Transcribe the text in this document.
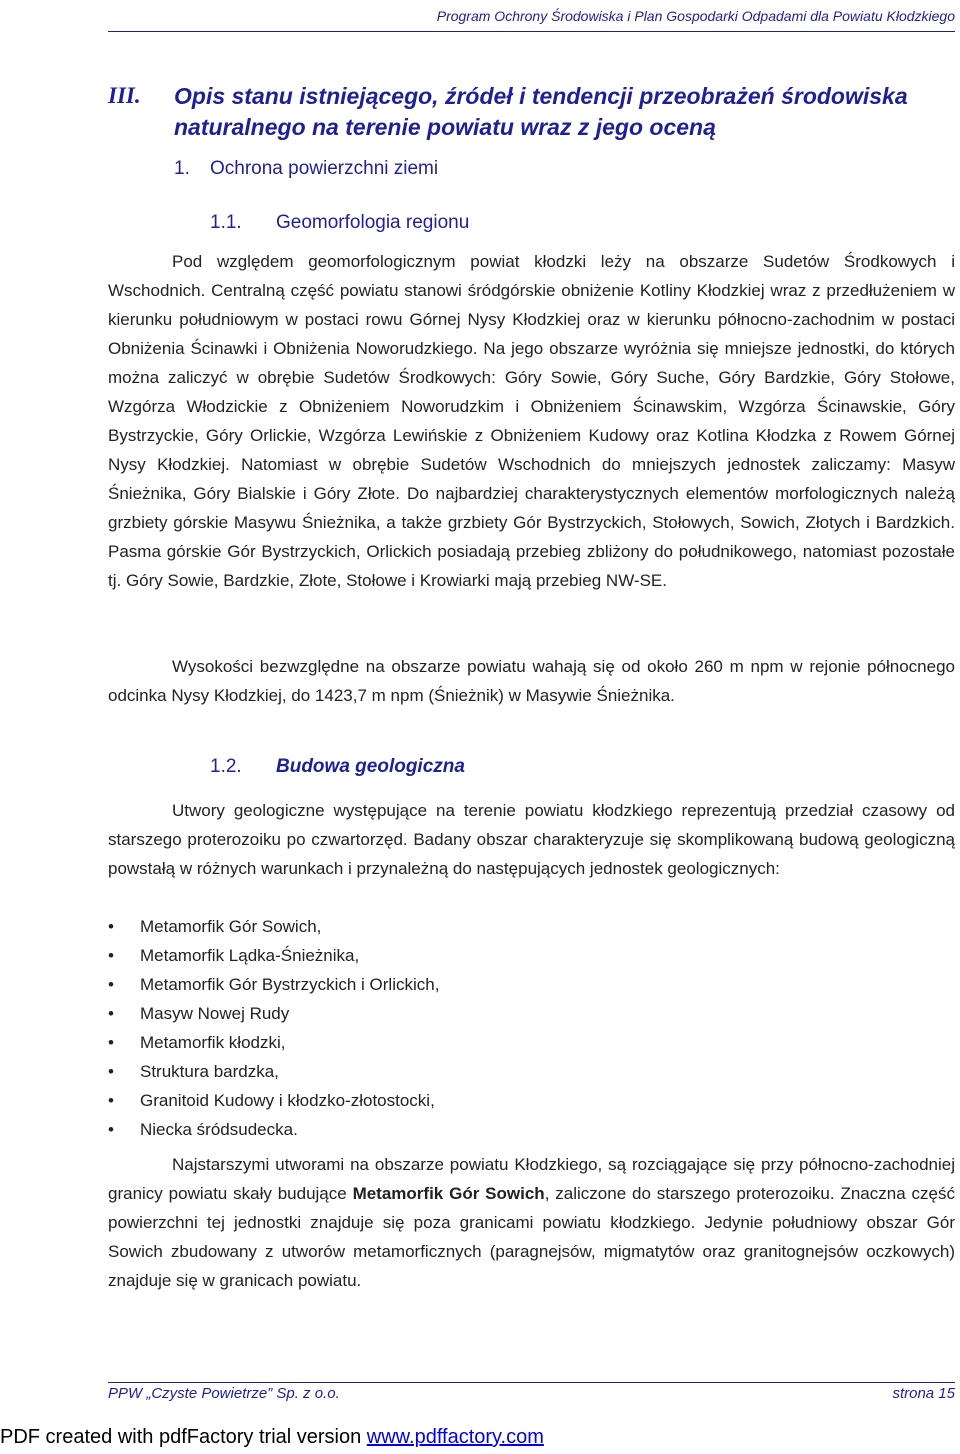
Program Ochrony Środowiska i Plan Gospodarki Odpadami dla Powiatu Kłodzkiego
III. Opis stanu istniejącego, źródeł i tendencji przeobrażeń środowiska naturalnego na terenie powiatu wraz z jego oceną
1. Ochrona powierzchni ziemi
1.1. Geomorfologia regionu
Pod względem geomorfologicznym powiat kłodzki leży na obszarze Sudetów Środkowych i Wschodnich. Centralną część powiatu stanowi śródgórskie obniżenie Kotliny Kłodzkiej wraz z przedłużeniem w kierunku południowym w postaci rowu Górnej Nysy Kłodzkiej oraz w kierunku północno-zachodnim w postaci Obniżenia Ścinawki i Obniżenia Noworudzkiego. Na jego obszarze wyróżnia się mniejsze jednostki, do których można zaliczyć w obrębie Sudetów Środkowych: Góry Sowie, Góry Suche, Góry Bardzkie, Góry Stołowe, Wzgórza Włodzickie z Obniżeniem Noworudzkim i Obniżeniem Ścinawskim, Wzgórza Ścinawskie, Góry Bystrzyckie, Góry Orlickie, Wzgórza Lewińskie z Obniżeniem Kudowy oraz Kotlina Kłodzka z Rowem Górnej Nysy Kłodzkiej. Natomiast w obrębie Sudetów Wschodnich do mniejszych jednostek zaliczamy: Masyw Śnieżnika, Góry Bialskie i Góry Złote. Do najbardziej charakterystycznych elementów morfologicznych należą grzbiety górskie Masywu Śnieżnika, a także grzbiety Gór Bystrzyckich, Stołowych, Sowich, Złotych i Bardzkich. Pasma górskie Gór Bystrzyckich, Orlickich posiadają przebieg zbliżony do południkowego, natomiast pozostałe tj. Góry Sowie, Bardzkie, Złote, Stołowe i Krowiarki mają przebieg NW-SE.
Wysokości bezwzględne na obszarze powiatu wahają się od około 260 m npm w rejonie północnego odcinka Nysy Kłodzkiej, do 1423,7 m npm (Śnieżnik) w Masywie Śnieżnika.
1.2. Budowa geologiczna
Utwory geologiczne występujące na terenie powiatu kłodzkiego reprezentują przedział czasowy od starszego proterozoiku po czwartorzęd. Badany obszar charakteryzuje się skomplikowaną budową geologiczną powstałą w różnych warunkach i przynależną do następujących jednostek geologicznych:
• Metamorfik Gór Sowich,
• Metamorfik Lądka-Śnieżnika,
• Metamorfik Gór Bystrzyckich i Orlickich,
• Masyw Nowej Rudy
• Metamorfik kłodzki,
• Struktura bardzka,
• Granitoid Kudowy i kłodzko-złotostocki,
• Niecka śródsudecka.
Najstarszymi utworami na obszarze powiatu Kłodzkiego, są rozciągające się przy północno-zachodniej granicy powiatu skały budujące Metamorfik Gór Sowich, zaliczone do starszego proterozoiku. Znaczna część powierzchni tej jednostki znajduje się poza granicami powiatu kłodzkiego. Jedynie południowy obszar Gór Sowich zbudowany z utworów metamorficznych (paragnejsów, migmatytów oraz granitognejsów oczkowych) znajduje się w granicach powiatu.
PPW „Czyste Powietrze” Sp. z o.o.	strona 15
PDF created with pdfFactory trial version www.pdffactory.com
